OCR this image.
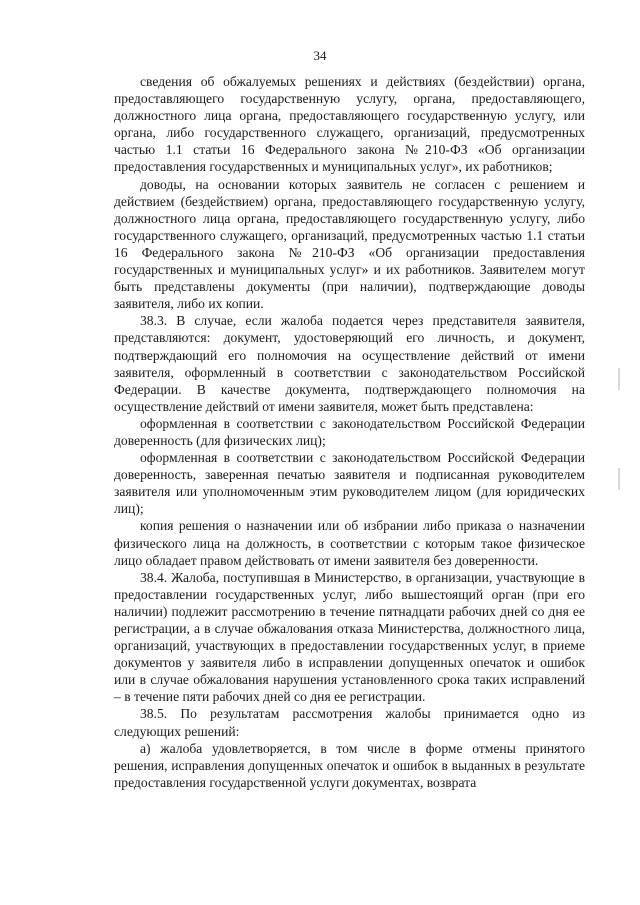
34

сведения об обжалуемых решениях и действиях (бездействии) органа, предоставляющего государственную услугу, органа, предоставляющего, должностного лица органа, предоставляющего государственную услугу, или органа, либо государственного служащего, организаций, предусмотренных частью 1.1 статьи 16 Федерального закона №210-ФЗ «Об организации предоставления государственных и муниципальных услуг», их работников;

доводы, на основании которых заявитель не согласен с решением и действием (бездействием) органа, предоставляющего государственную услугу, должностного лица органа, предоставляющего государственную услугу, либо государственного служащего, организаций, предусмотренных частью 1.1 статьи 16 Федерального закона №210-ФЗ «Об организации предоставления государственных и муниципальных услуг» и их работников. Заявителем могут быть представлены документы (при наличии), подтверждающие доводы заявителя, либо их копии.

38.3. В случае, если жалоба подается через представителя заявителя, представляются: документ, удостоверяющий его личность, и документ, подтверждающий его полномочия на осуществление действий от имени заявителя, оформленный в соответствии с законодательством Российской Федерации. В качестве документа, подтверждающего полномочия на осуществление действий от имени заявителя, может быть представлена:

оформленная в соответствии с законодательством Российской Федерации доверенность (для физических лиц);

оформленная в соответствии с законодательством Российской Федерации доверенность, заверенная печатью заявителя и подписанная руководителем заявителя или уполномоченным этим руководителем лицом (для юридических лиц);

копия решения о назначении или об избрании либо приказа о назначении физического лица на должность, в соответствии с которым такое физическое лицо обладает правом действовать от имени заявителя без доверенности.

38.4. Жалоба, поступившая в Министерство, в организации, участвующие в предоставлении государственных услуг, либо вышестоящий орган (при его наличии) подлежит рассмотрению в течение пятнадцати рабочих дней со дня ее регистрации, а в случае обжалования отказа Министерства, должностного лица, организаций, участвующих в предоставлении государственных услуг, в приеме документов у заявителя либо в исправлении допущенных опечаток и ошибок или в случае обжалования нарушения установленного срока таких исправлений – в течение пяти рабочих дней со дня ее регистрации.

38.5. По результатам рассмотрения жалобы принимается одно из следующих решений:

а) жалоба удовлетворяется, в том числе в форме отмены принятого решения, исправления допущенных опечаток и ошибок в выданных в результате предоставления государственной услуги документах, возврата
